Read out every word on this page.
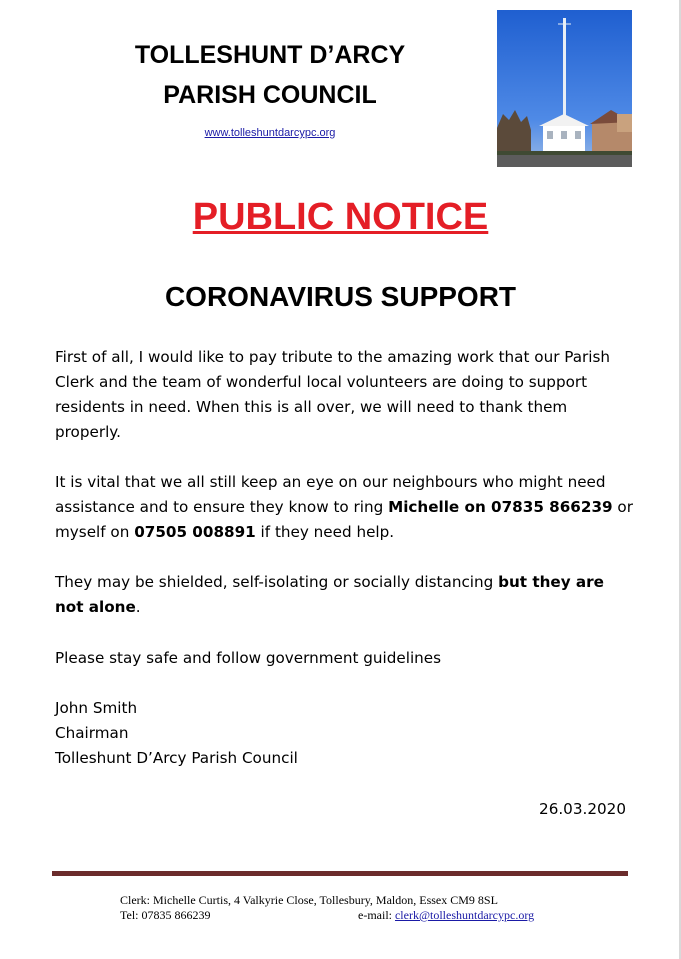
TOLLESHUNT D’ARCY
PARISH COUNCIL
www.tolleshuntdarcypc.org
PUBLIC NOTICE
CORONAVIRUS SUPPORT
First of all, I would like to pay tribute to the amazing work that our Parish Clerk and the team of wonderful local volunteers are doing to support residents in need. When this is all over, we will need to thank them properly.
It is vital that we all still keep an eye on our neighbours who might need assistance and to ensure they know to ring Michelle on 07835 866239 or myself on 07505 008891 if they need help.
They may be shielded, self-isolating or socially distancing but they are not alone.
Please stay safe and follow government guidelines
John Smith
Chairman
Tolleshunt D’Arcy Parish Council
26.03.2020
Clerk: Michelle Curtis, 4 Valkyrie Close, Tollesbury, Maldon, Essex CM9 8SL
Tel: 07835 866239	e-mail: clerk@tolleshuntdarcypc.org
